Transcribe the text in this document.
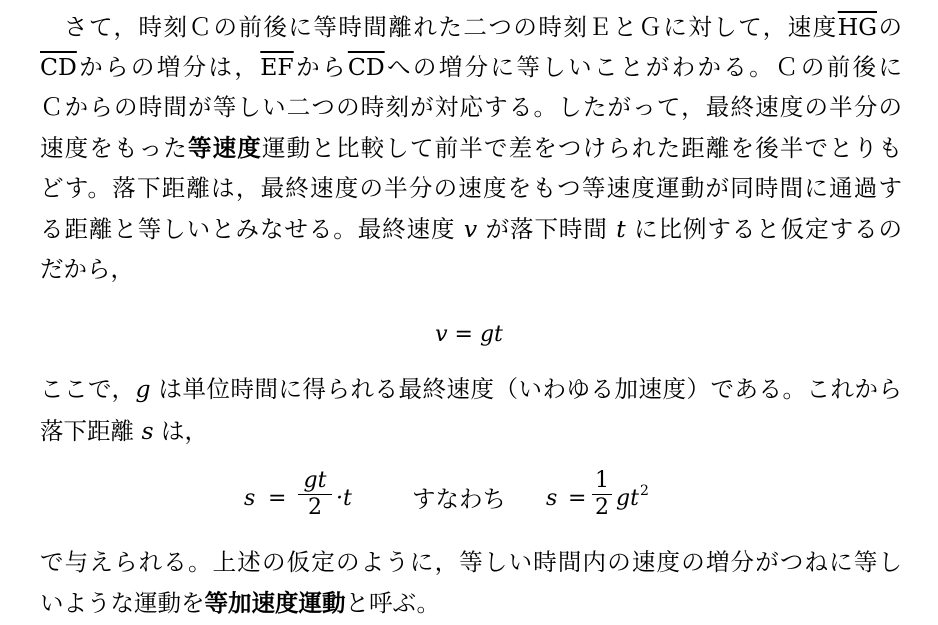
さて，時刻Ｃの前後に等時間離れた二つの時刻ＥとＧに対して，速度$\overline{HG}$の
$\overline{CD}$からの増分は，$\overline{EF}$から$\overline{CD}$への増分に等しいことがわかる。Ｃの前後に
Ｃからの時間が等しい二つの時刻が対応する。したがって，最終速度の半分の
速度をもった等速度運動と比較して前半で差をつけられた距離を後半でとりも
どす。落下距離は，最終速度の半分の速度をもつ等速度運動が同時間に通過す
る距離と等しいとみなせる。最終速度 v が落下時間 t に比例すると仮定するの
だから，
v = gt
ここで，g は単位時間に得られる最終速度（いわゆる加速度）である。これから
落下距離 s は，
s =
gt
2 ·t	すなわち s =
1
2 gt 2
で与えられる。上述の仮定のように，等しい時間内の速度の増分がつねに等し
いような運動を等加速度運動と呼ぶ。
